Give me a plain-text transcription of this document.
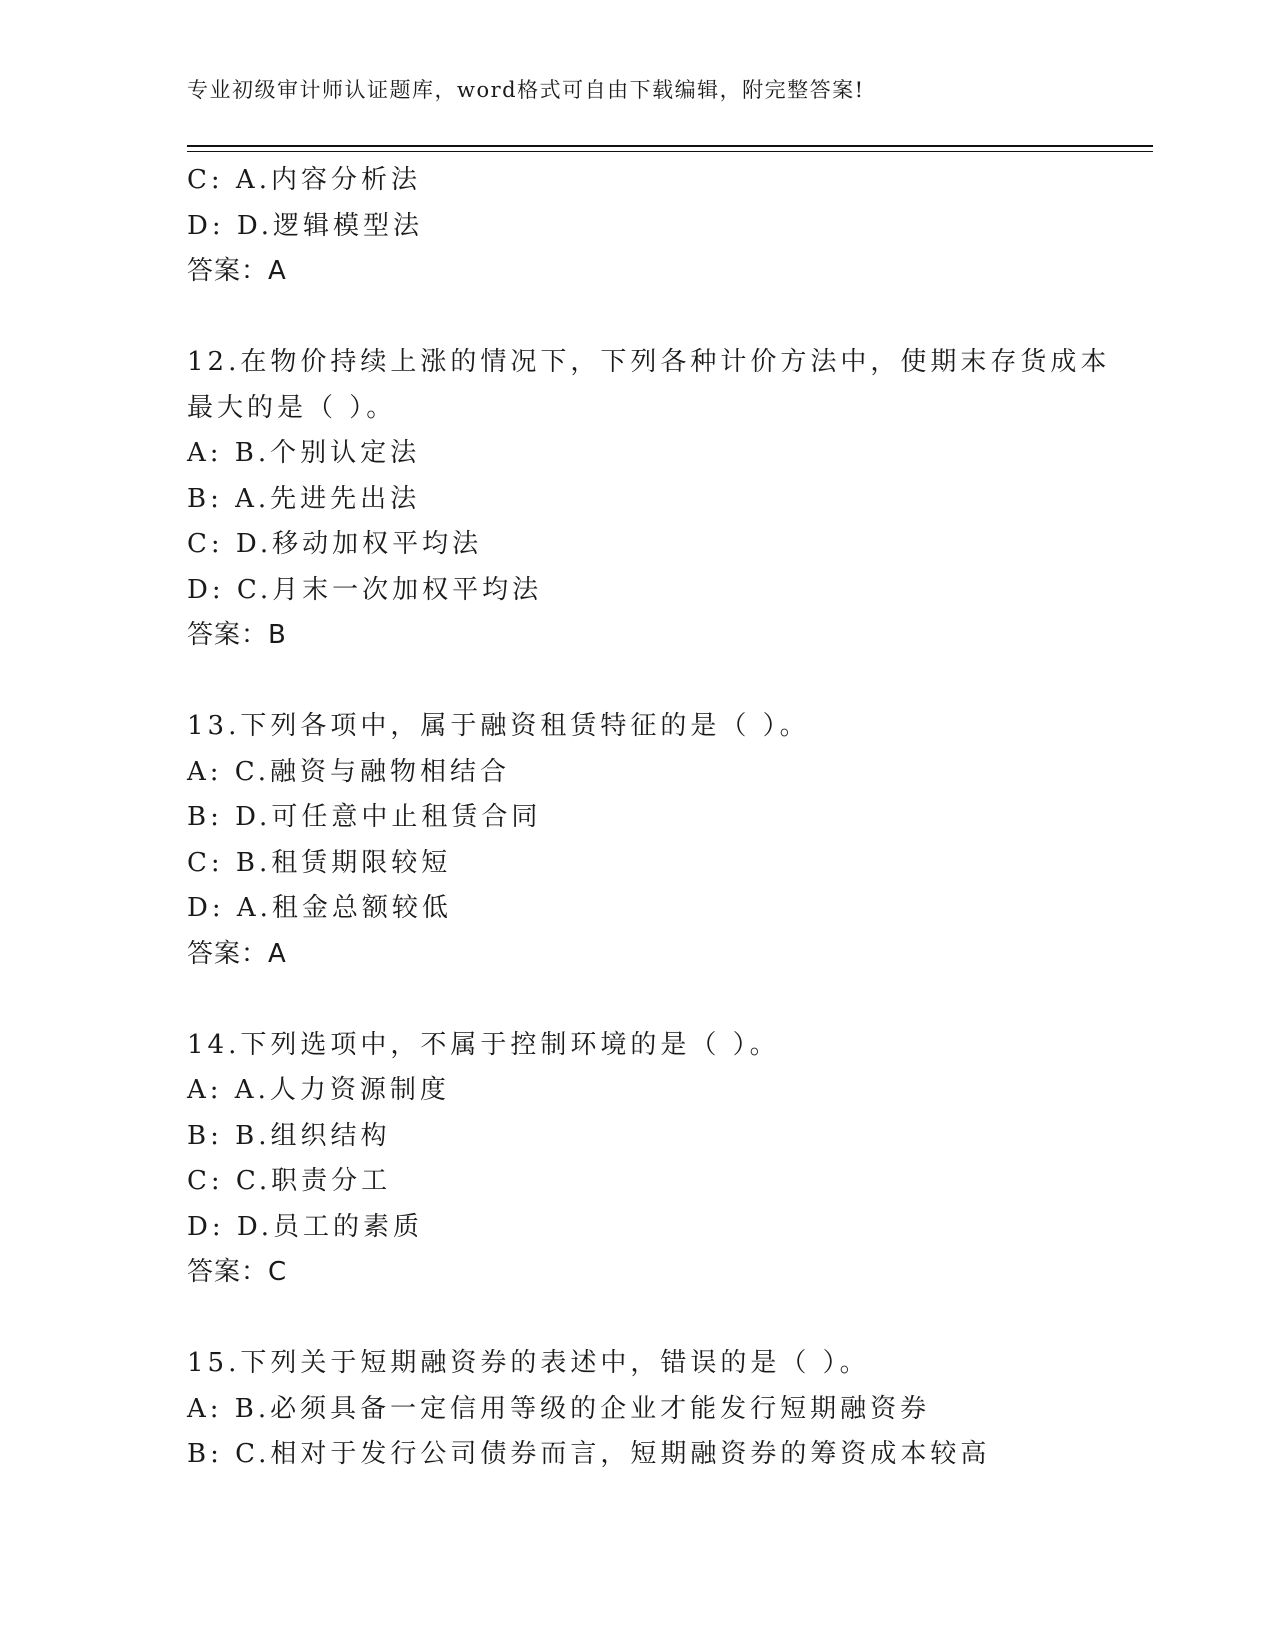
专业初级审计师认证题库，word格式可自由下载编辑，附完整答案!
C: A.内容分析法
D: D.逻辑模型法
答案：A
12.在物价持续上涨的情况下，下列各种计价方法中，使期末存货成本
最大的是（ ）。
A: B.个别认定法
B: A.先进先出法
C: D.移动加权平均法
D: C.月末一次加权平均法
答案：B
13.下列各项中，属于融资租赁特征的是（ ）。
A: C.融资与融物相结合
B: D.可任意中止租赁合同
C: B.租赁期限较短
D: A.租金总额较低
答案：A
14.下列选项中，不属于控制环境的是（ ）。
A: A.人力资源制度
B: B.组织结构
C: C.职责分工
D: D.员工的素质
答案：C
15.下列关于短期融资券的表述中，错误的是（ ）。
A: B.必须具备一定信用等级的企业才能发行短期融资券
B: C.相对于发行公司债券而言，短期融资券的筹资成本较高
